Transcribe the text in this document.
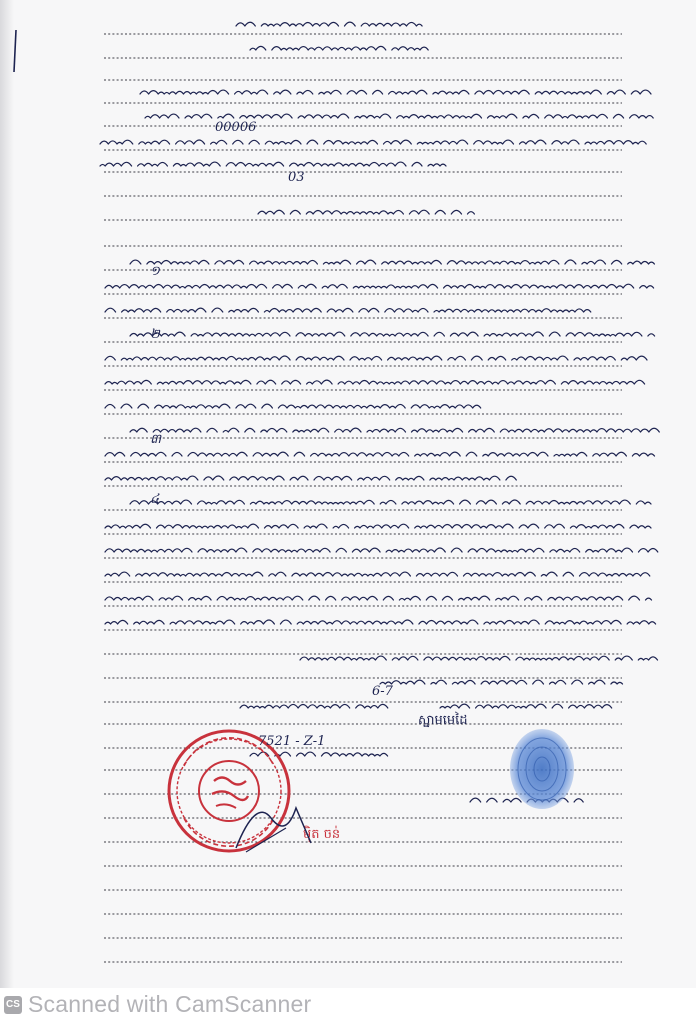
ម៉ិត ចន់
១
២
៣
៤
00006
03
6-7
7521 - Z-1
ស្នាមមេដៃ
CS Scanned with CamScanner
